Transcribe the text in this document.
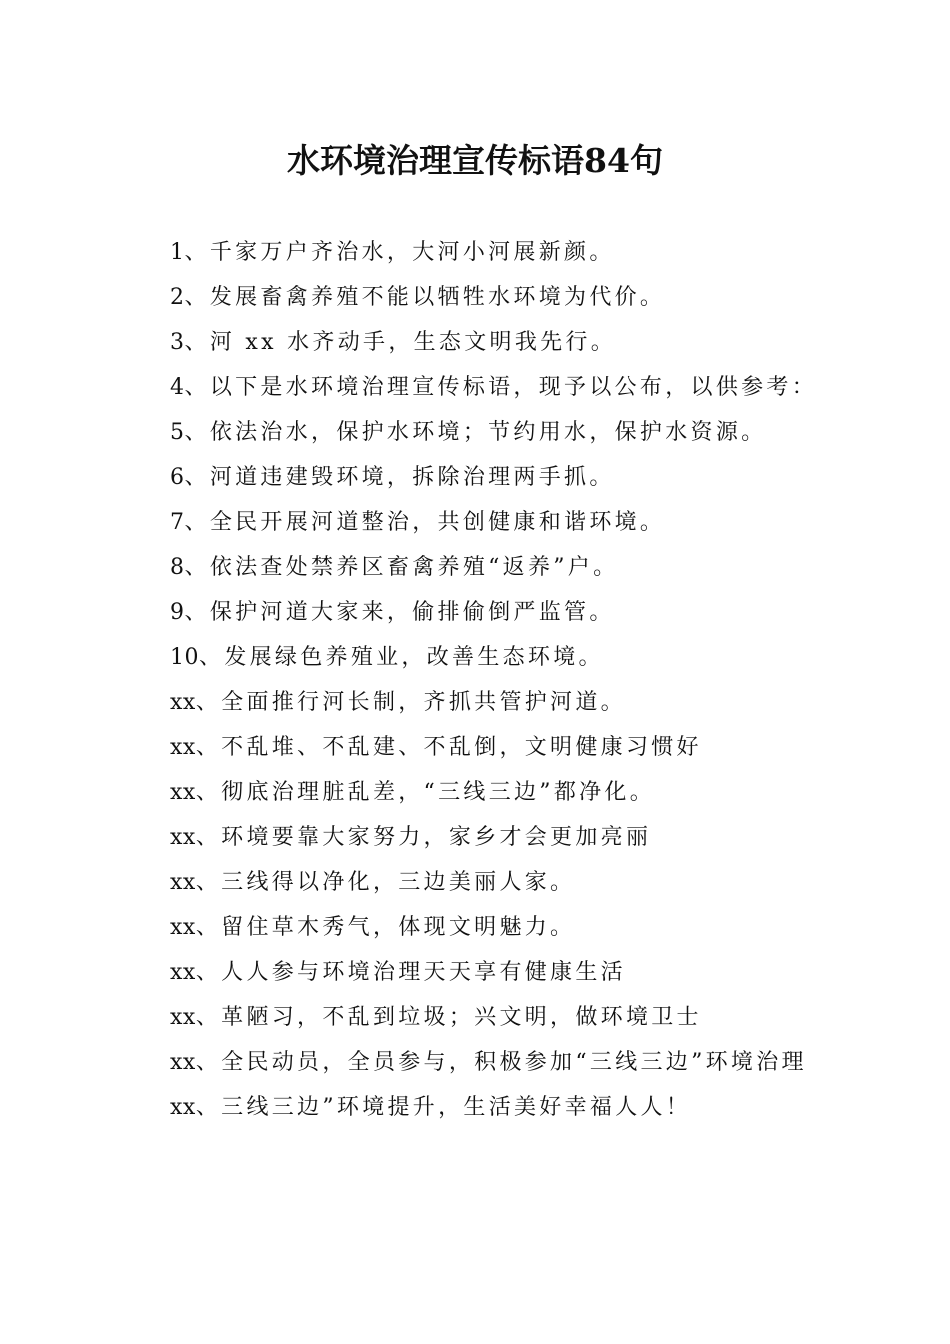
水环境治理宣传标语84句
1、千家万户齐治水，大河小河展新颜。
2、发展畜禽养殖不能以牺牲水环境为代价。
3、河 xx 水齐动手，生态文明我先行。
4、以下是水环境治理宣传标语，现予以公布，以供参考：
5、依法治水，保护水环境；节约用水，保护水资源。
6、河道违建毁环境，拆除治理两手抓。
7、全民开展河道整治，共创健康和谐环境。
8、依法查处禁养区畜禽养殖“返养”户。
9、保护河道大家来，偷排偷倒严监管。
10、发展绿色养殖业，改善生态环境。
xx、全面推行河长制，齐抓共管护河道。
xx、不乱堆、不乱建、不乱倒，文明健康习惯好
xx、彻底治理脏乱差，“三线三边”都净化。
xx、环境要靠大家努力，家乡才会更加亮丽
xx、三线得以净化，三边美丽人家。
xx、留住草木秀气，体现文明魅力。
xx、人人参与环境治理天天享有健康生活
xx、革陋习，不乱到垃圾；兴文明，做环境卫士
xx、全民动员，全员参与，积极参加“三线三边”环境治理
xx、三线三边”环境提升，生活美好幸福人人！
